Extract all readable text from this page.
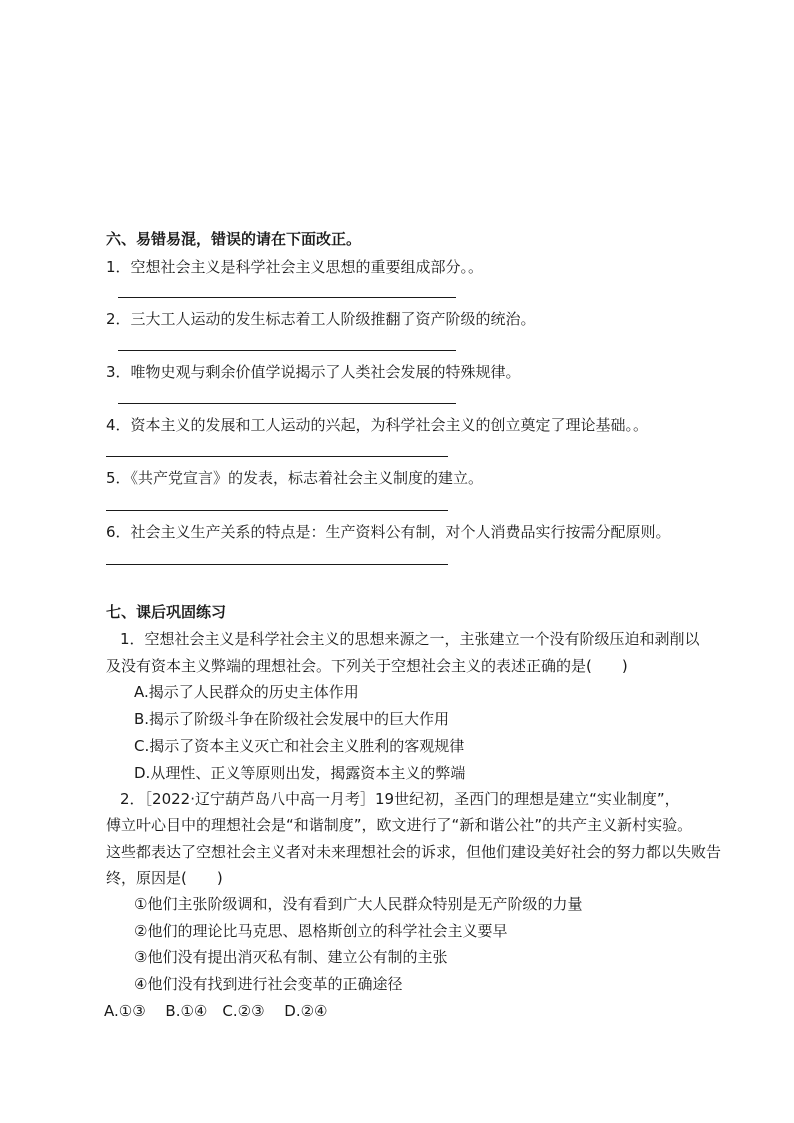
六、易错易混，错误的请在下面改正。
1．空想社会主义是科学社会主义思想的重要组成部分。。
2．三大工人运动的发生标志着工人阶级推翻了资产阶级的统治。
3．唯物史观与剩余价值学说揭示了人类社会发展的特殊规律。
4．资本主义的发展和工人运动的兴起，为科学社会主义的创立奠定了理论基础。。
5．《共产党宣言》的发表，标志着社会主义制度的建立。
6．社会主义生产关系的特点是：生产资料公有制，对个人消费品实行按需分配原则。
七、课后巩固练习
1．空想社会主义是科学社会主义的思想来源之一，主张建立一个没有阶级压迫和剥削以
及没有资本主义弊端的理想社会。下列关于空想社会主义的表述正确的是(　　)
A.揭示了人民群众的历史主体作用
B.揭示了阶级斗争在阶级社会发展中的巨大作用
C.揭示了资本主义灭亡和社会主义胜利的客观规律
D.从理性、正义等原则出发，揭露资本主义的弊端
2．［2022·辽宁葫芦岛八中高一月考］19世纪初，圣西门的理想是建立“实业制度”，
傅立叶心目中的理想社会是“和谐制度”，欧文进行了“新和谐公社”的共产主义新村实验。
这些都表达了空想社会主义者对未来理想社会的诉求，但他们建设美好社会的努力都以失败告
终，原因是(　　)
①他们主张阶级调和，没有看到广大人民群众特别是无产阶级的力量
②他们的理论比马克思、恩格斯创立的科学社会主义要早
③他们没有提出消灭私有制、建立公有制的主张
④他们没有找到进行社会变革的正确途径
A.①③　 B.①④　C.②③　 D.②④
